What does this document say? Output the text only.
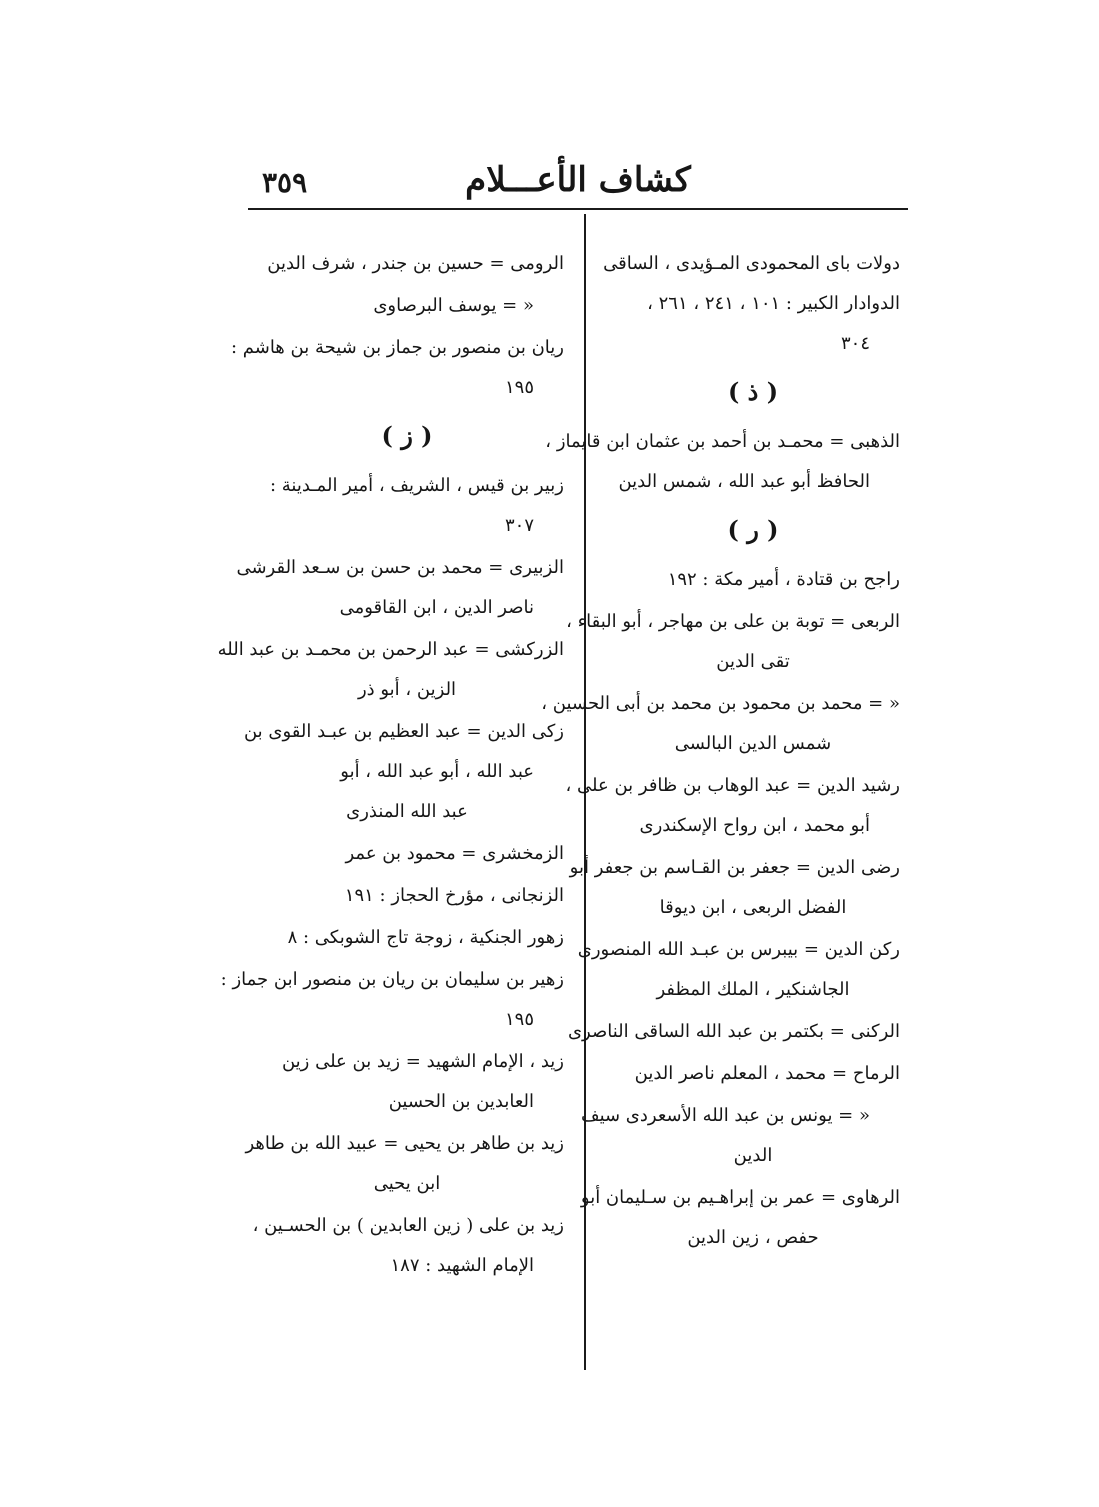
كشاف الأعـــلام
٣٥٩
دولات باى المحمودى المـؤيدى ، الساقى
الدوادار الكبير : ١٠١ ، ٢٤١ ، ٢٦١ ،
٣٠٤
( ذ )
الذهبى = محمـد بن أحمد بن عثمان ابن قايماز ،
الحافظ أبو عبد الله ، شمس الدين
( ر )
راجح بن قتادة ، أمير مكة : ١٩٢
الربعى = توبة بن على بن مهاجر ، أبو البقاء ،
تقى الدين
« = محمد بن محمود بن محمد بن أبى الحسين ،
شمس الدين البالسى
رشيد الدين = عبد الوهاب بن ظافر بن على ،
أبو محمد ، ابن رواح الإسكندرى
رضى الدين = جعفر بن القـاسم بن جعفر أبو
الفضل الربعى ، ابن ديوقا
ركن الدين = بيبرس بن عبـد الله المنصورى
الجاشنكير ، الملك المظفر
الركنى = بكتمر بن عبد الله الساقى الناصرى
الرماح = محمد ، المعلم ناصر الدين
« = يونس بن عبد الله الأسعردى سيف
الدين
الرهاوى = عمر بن إبراهـيم بن سـليمان أبو
حفص ، زين الدين
الرومى = حسين بن جندر ، شرف الدين
« = يوسف البرصاوى
ريان بن منصور بن جماز بن شيحة بن هاشم :
١٩٥
( ز )
زبير بن قيس ، الشريف ، أمير المـدينة :
٣٠٧
الزبيرى = محمد بن حسن بن سـعد القرشى
ناصر الدين ، ابن القاقومى
الزركشى = عبد الرحمن بن محمـد بن عبد الله
الزين ، أبو ذر
زكى الدين = عبد العظيم بن عبـد القوى بن
عبد الله ، أبو عبد الله ، أبو
عبد الله المنذرى
الزمخشرى = محمود بن عمر
الزنجانى ، مؤرخ الحجاز : ١٩١
زهور الجنكية ، زوجة تاج الشوبكى : ٨
زهير بن سليمان بن ريان بن منصور ابن جماز :
١٩٥
زيد ، الإمام الشهيد = زيد بن على زين
العابدين بن الحسين
زيد بن طاهر بن يحيى = عبيد الله بن طاهر
ابن يحيى
زيد بن على ( زين العابدين ) بن الحسـين ،
الإمام الشهيد : ١٨٧
